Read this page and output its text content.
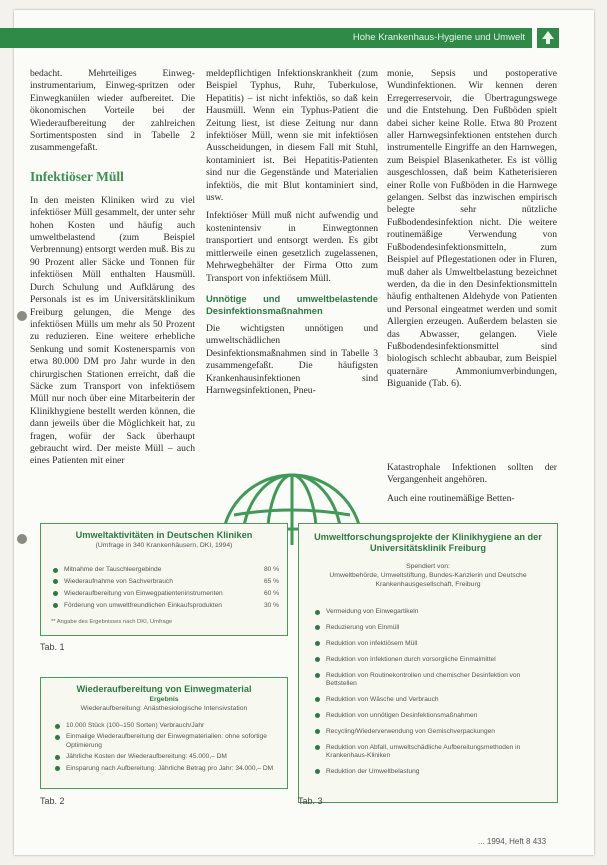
Hohe Krankenhaus-Hygiene und Umwelt

bedacht. Mehrteiliges Einweg-instrumentarium, Einweg-spritzen oder Einwegkanülen wieder aufbereitet. Die ökonomischen Vorteile bei der Wiederaufbereitung der zahlreichen Sortimentsposten sind in Tabelle 2 zusammengefaßt.

Infektiöser Müll

In den meisten Kliniken wird zu viel infektiöser Müll gesammelt, der unter sehr hohen Kosten und häufig auch umweltbelastend (zum Beispiel Verbrennung) entsorgt werden muß. Bis zu 90 Prozent aller Säcke und Tonnen für infektiösen Müll enthalten Hausmüll. Durch Schulung und Aufklärung des Personals ist es im Universitätsklinikum Freiburg gelungen, die Menge des infektiösen Mülls um mehr als 50 Prozent zu reduzieren. Eine weitere erhebliche Senkung und somit Kostenersparnis von etwa 80.000 DM pro Jahr wurde in den chirurgischen Stationen erreicht, daß die Säcke zum Transport von infektiösem Müll nur noch über eine Mitarbeiterin der Klinikhygiene bestellt werden können, die dann jeweils über die Möglichkeit hat, zu fragen, wofür der Sack überhaupt gebraucht wird. Der meiste Müll – auch eines Patienten mit einer

meldepflichtigen Infektionskrankheit (zum Beispiel Typhus, Ruhr, Tuberkulose, Hepatitis) – ist nicht infektiös, so daß kein Hausmüll. Wenn ein Typhus-Patient die Zeitung liest, ist diese Zeitung nur dann infektiöser Müll, wenn sie mit infektiösen Ausscheidungen, in diesem Fall mit Stuhl, kontaminiert ist. Bei Hepatitis-Patienten sind nur die Gegenstände und Materialien infektiös, die mit Blut kontaminiert sind, usw.

Infektiöser Müll muß nicht aufwendig und kostenintensiv in Einwegtonnen transportiert und entsorgt werden. Es gibt mittlerweile einen gesetzlich zugelassenen, Mehrwegbehälter der Firma Otto zum Transport von infektiösem Müll.

Unnötige und umweltbelastende Desinfektionsmaßnahmen

Die wichtigsten unnötigen und umweltschädlichen Desinfektionsmaßnahmen sind in Tabelle 3 zusammengefaßt. Die häufigsten Krankenhausinfektionen sind Harnwegsinfektionen, Pneu-

monie, Sepsis und postoperative Wundinfektionen. Wir kennen deren Erregerreservoir, die Übertragungswege und die Entstehung. Den Fußböden spielt dabei sicher keine Rolle. Etwa 80 Prozent aller Harnwegsinfektionen entstehen durch instrumentelle Eingriffe an den Harnwegen, zum Beispiel Blasenkatheter. Es ist völlig ausgeschlossen, daß beim Katheterisieren einer Rolle von Fußböden in die Harnwege gelangen. Selbst das inzwischen empirisch belegte sehr nützliche Fußbodendesinfektion nicht. Die weitere routinemäßige Verwendung von Fußbodendesinfektionsmitteln, zum Beispiel auf Pflegestationen oder in Fluren, muß daher als Umweltbelastung bezeichnet werden, da die in den Desinfektionsmitteln häufig enthaltenen Aldehyde von Patienten und Personal eingeatmet werden und somit Allergien erzeugen. Außerdem belasten sie das Abwasser, gelangen. Viele Fußbodendesinfektionsmittel sind biologisch schlecht abbaubar, zum Beispiel quaternäre Ammoniumverbindungen, Biguanide (Tab. 6).

Katastrophale Infektionen sollten der Vergangenheit angehören.

Auch eine routinemäßige Betten-

Umweltaktivitäten in Deutschen Kliniken
(Umfrage in 340 Krankenhäusern, DKI, 1994)
Mitnahme der Tauschleergebinde	80 %
Wiederaufnahme von Sachverbrauch	65 %
Wiederaufbereitung von Einwegpatienteninstrumenten	60 %
Förderung von umweltfreundlichen Einkaufsprodukten	30 %
** Angabe des Ergebnisses nach DKI, Umfrage
Tab. 1
Wiederaufbereitung von Einwegmaterial
Ergebnis
Wiederaufbereitung: Anästhesiologische Intensivstation
10.000 Stück (100–150 Sorten) Verbrauch/Jahr
Einmalige Wiederaufbereitung der Einwegmaterialien: ohne sofortige Optimierung
Jährliche Kosten der Wiederaufbereitung: 45.000,– DM
Einsparung nach Aufbereitung: Jährliche Betrag pro Jahr: 34.000,– DM
Tab. 2
Umweltforschungsprojekte der Klinikhygiene an der Universitätsklinik Freiburg
Spendiert von:
Umweltbehörde, Umweltstiftung, Bundes-Kanzlerin und Deutsche Krankenhausgesellschaft, Freiburg
Vermeidung von Einwegartikeln
Reduzierung von Einmüll
Reduktion von infektiösem Müll
Reduktion von Infektionen durch vorsorgliche Einmalmittel
Reduktion von Routinekontrollen und chemischer Desinfektion von Bettstellen
Reduktion von Wäsche und Verbrauch
Reduktion von unnötigen Desinfektionsmaßnahmen
Recycling/Wiederverwendung von Gemischverpackungen
Reduktion von Abfall, umweltschädliche Aufbereitungsmethoden in Krankenhaus-Kliniken
Reduktion der Umweltbelastung
Tab. 3
... 1994, Heft 8 433
